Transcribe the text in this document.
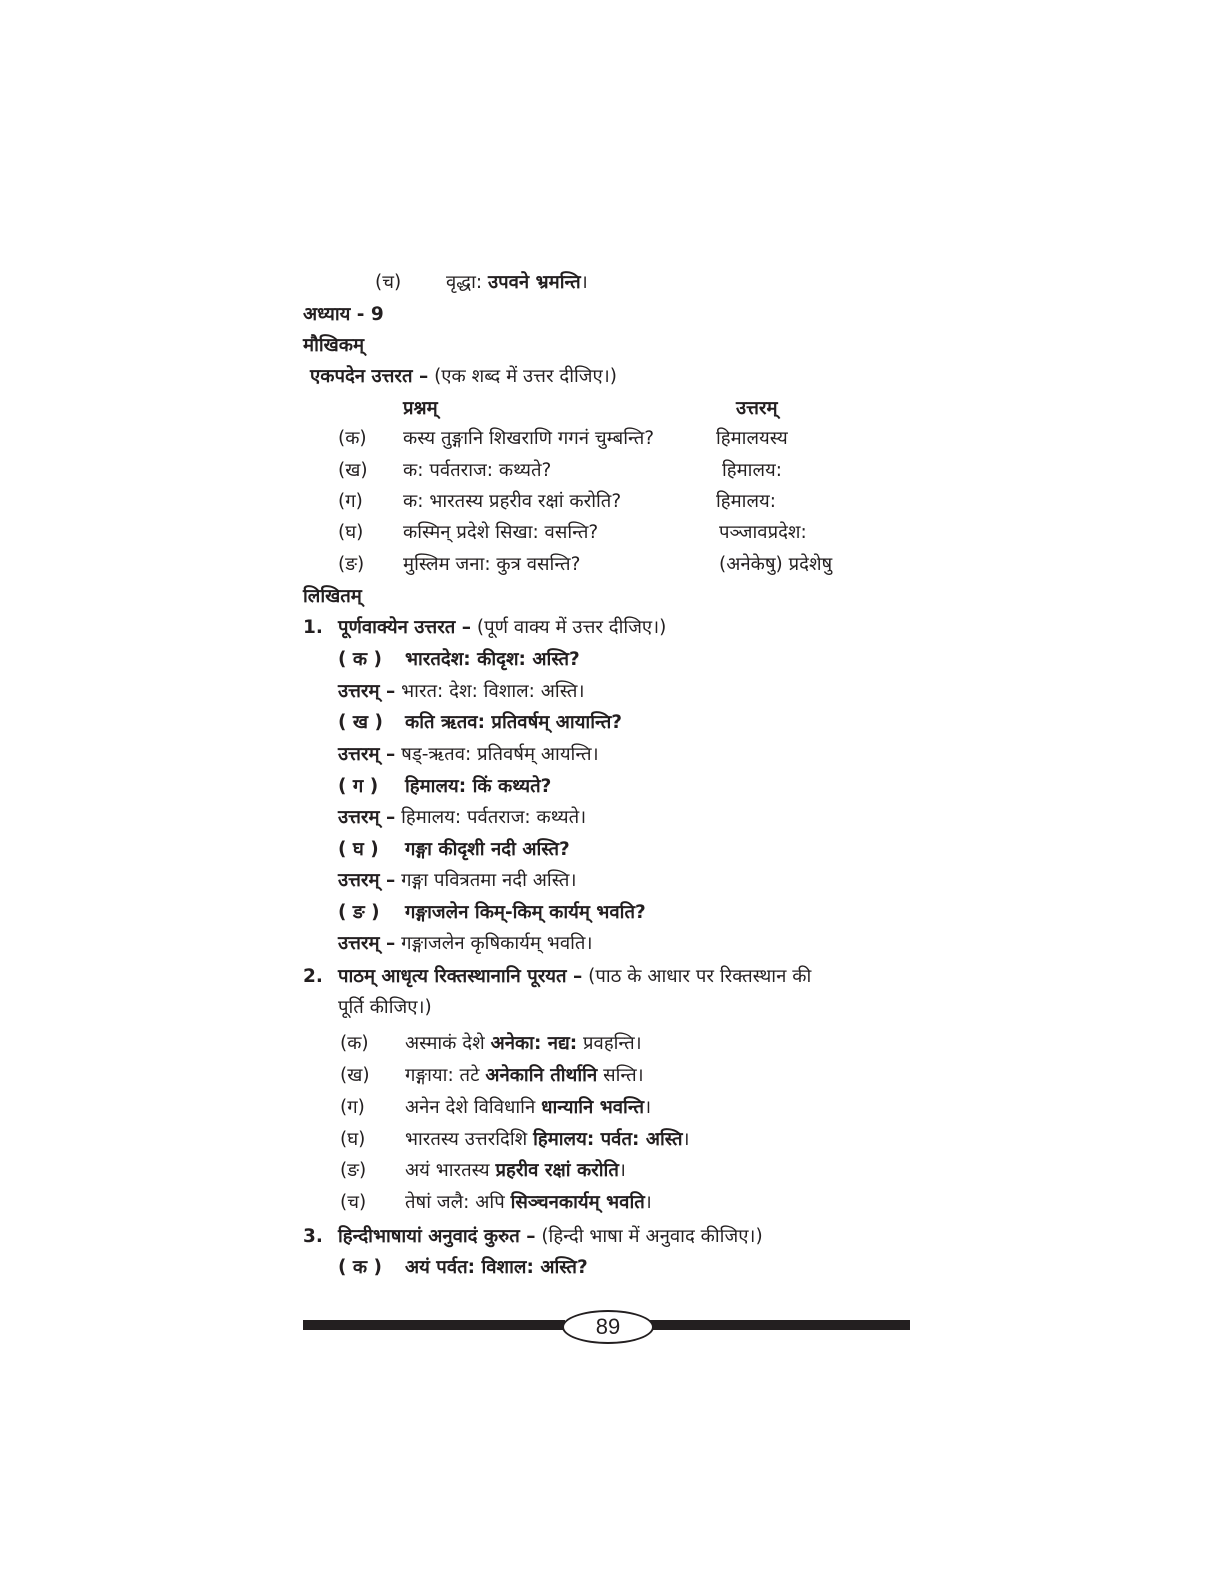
(च) वृद्धा: उपवने भ्रमन्ति।
अध्याय - 9
मौखिकम्
एकपदेन उत्तरत – (एक शब्द में उत्तर दीजिए।)
प्रश्नम्	उत्तरम्
(क) कस्य तुङ्गानि शिखराणि गगनं चुम्बन्ति?	हिमालयस्य
(ख) क: पर्वतराज: कथ्यते?	हिमालय:
(ग) क: भारतस्य प्रहरीव रक्षां करोति?	हिमालय:
(घ) कस्मिन् प्रदेशे सिखा: वसन्ति?	पञ्जावप्रदेश:
(ङ) मुस्लिम जना: कुत्र वसन्ति?	(अनेकेषु) प्रदेशेषु
लिखितम्
1. पूर्णवाक्येन उत्तरत – (पूर्ण वाक्य में उत्तर दीजिए।)
( क ) भारतदेश: कीदृश: अस्ति?
उत्तरम् – भारत: देश: विशाल: अस्ति।
( ख ) कति ऋतव: प्रतिवर्षम् आयान्ति?
उत्तरम् – षड्-ऋतव: प्रतिवर्षम् आयन्ति।
( ग ) हिमालय: किं कथ्यते?
उत्तरम् – हिमालय: पर्वतराज: कथ्यते।
( घ ) गङ्गा कीदृशी नदी अस्ति?
उत्तरम् – गङ्गा पवित्रतमा नदी अस्ति।
( ङ ) गङ्गाजलेन किम्-किम् कार्यम् भवति?
उत्तरम् – गङ्गाजलेन कृषिकार्यम् भवति।
2. पाठम् आधृत्य रिक्तस्थानानि पूरयत – (पाठ के आधार पर रिक्तस्थान की
पूर्ति कीजिए।)
(क) अस्माकं देशे अनेका: नद्य: प्रवहन्ति।
(ख) गङ्गाया: तटे अनेकानि तीर्थानि सन्ति।
(ग) अनेन देशे विविधानि धान्यानि भवन्ति।
(घ) भारतस्य उत्तरदिशि हिमालय: पर्वत: अस्ति।
(ङ) अयं भारतस्य प्रहरीव रक्षां करोति।
(च) तेषां जलै: अपि सिञ्चनकार्यम् भवति।
3. हिन्दीभाषायां अनुवादं कुरुत – (हिन्दी भाषा में अनुवाद कीजिए।)
( क ) अयं पर्वत: विशाल: अस्ति?
89
